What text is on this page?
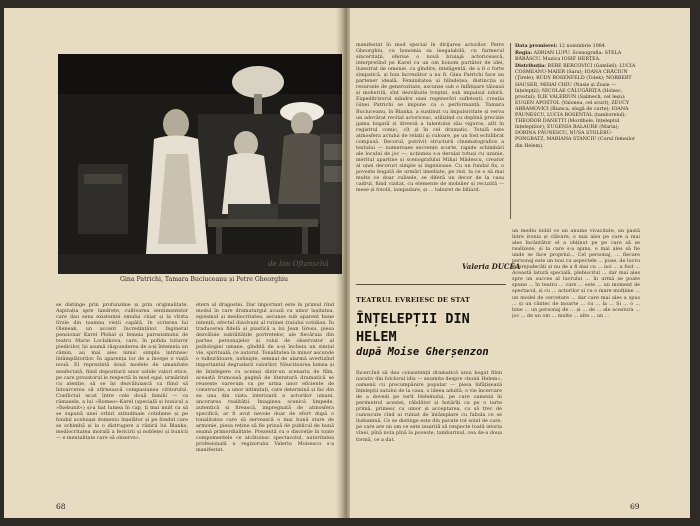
de Ion Oftanschă
Gina Patrichi, Tamara Buciuceanu și Petre Gheorghiu

se distinge prin profunzime și prin originalitate. Aspirația spre tandrețe, cultivarea sentimentelor care dau sens existenței omului chiar și la vîrsta tîrzie din toamna vieții capătă, în scrierea lui Oleneak, un accent încredințător. Ingineral pensionar Karel Plohal și femeia paroxismului de teatru Marie Lochákova, care, în pofida tuturor piedicilor, își asumă răspunderea de a-și întemeia un cămin, au mai ales nimic simplu intrinsec întâmplătorilor. În aparența lor de a începe o viață nouă. El reprezintă două modele de umanitate neafectată, fiind depozitarii unor solide valori etice, pe care prozatorul le respectă în mod egal, urmărind cu atenție, să se își dezvăluiască ca fiind să întoarcerea să stîrnească compasiunea cititorului. Conflictul iscat între cele două familii — ca rămasele, a lui »Romeo«-Karel (specială și bunicul a »Înebunit«) și-a hat lumea în cap, ți mai mult ca să se supună unei orbiri atitudinale cotidiene și pe fondul aceluiași domeniu înșelător și pe fondul care se schimbă și la o distrugere a rănirii lui Blanka, mediocritatea morală a fericirii și nobleței și bunicii — e mentalitate care să observe».

etern al dragostei. Dar important este în primul rînd modul în care dramaturgul acuză cu umor lașitatea, egoismul și mediocritatea, ascunse sub aparent bune intenții, efectul dizolvant al rutinei traiului cotidian. În traducerea fidelă și plastică a lui Jean Grosu, piesa dezvăluie subtilitățile portretelor, ale fiecăruia din partea personajelor și rolul de observator al psihologiei umane, gîndită de a-și încheia un simțul vie, spirituală, ce autorul. Tonalitatea în minor ascunde o tulburătoare, nelinişte, semnal de alarmă avertizînd importantul degradarii valorilor. Năucitoarea lumea și de înțelegere cu aceiași dintr-un scenariu de film, această frumoasă pagină de literatură dramatică se reușește oarecum ca pe urma unor eficiente de construcție, a unor intimitați, care determină și fac din ea una din viata interioară a actorilor umani, ancorarea realității. Imaginea scenică limpede, autentică și firească, impregnată de atmosfera specifică, ar fi avut nevoie doar de efort după o tonalitatea care să servească o mai bună stare de armonie, piesa reține să fie prinsă de publicul de bună seamă primordialitate. Prezentă cu o discreție în toate compomentele ce alcătuiesc spectacolul, autoritatea profesională a regizorului Valeriu Moisescu s-a manifestat.

68

manifestat în mod special în dirijarea actorilor. Petre Gheorghiu, cu bonomia sa inegalabilă, cu farmecul sinceritații, oferise o nouă bruiajă actoricească, interpretînd pe Karel cu un om bonom purtător de idei, înzestrat de omenie, cu gîndire, inteligentă, de a fi o forte simpatică, și bun încrezător a nu fi. Gina Patrichi face un partener ideală. Feminitatea și blîndețea, distincția și resursele de generozitate, ascunse sub o înfățișare tăioasă și moherită, sînt dezvăluite treptat, sub impulsul iubirii. Expeditrizorul mîndru unei regenerări sufletești, creația Ginei Patrichi se impune ca o performanță. Tamara Buciuceanu, în Blanka, a susținut cu impulsivitate și verva un adevărat recital actoricesc, utilizînd cu deplină precizie gama bogată și diversă a talentului său viguros, atît în registrul comic, cît și în cel dramatic. Totală este atmosfera actului de relații și culoare, pe un fost echilibrat compusă. Decorul, potrivit structurii cinematografice a textului — numeroase secvențe scurte, rapide schimbări ale locului de joc —, acțiunea s-a derulat totuși cu uzanie, meritul aparține și scenografului Mihai Mădescu, creator al unei decoruri simple și ingenioase. Cu un fundal fix, o poveste bogată de urmări imediate, pe rnd, la ce o să mai multe ce doar culisele, se diferă un decor de la casa cadrul, fiind vizitat, cu elemente de mobilier și recuzită — mese și fotolii, lampadare, și ... taburet de biliard.

Valeria DUCEA
Data premierei: 12 noiembrie 1984.
Regia: ADRIAN LUPU. Scenografia: STELA BĂRĂSCU. Muzica IOSIF HERȚEA.
Distribuția: BEBE BERCOVICI (Gamliel); LUCIA COSMEANU-MAIER (Sara); IOANA CRĂCIUN (Ţirele); RUDY ROSENFELD (Tolek); NORBERT HAUSER, MIHAI CHIU (Nusie și Zusie — înțelepții); NICOLAE CĂLUGĂRIȚA (Holzec, prostul); ILIE VALERIUN (Salmech, cel leșu); EUGEN APOSTOL (Valonea, cel scurt); ZEUCY ABRAMOVICI (Bianca, slugă de curte); IOANA PĂUNESCU, LUCIA ROSENTAL (tamborelul); THEODOR DANETTI (Mordhele, înțeleptul înțelepților); EUGENIA BALAURE (Maria); DORINA PĂUNESCU, NUSA STOLERU-PONGRATZ, MARIANA STANCIU (Corul femeilor din Helem).
TEATRUL EVREIESC DE STAT
ÎNȚELEPȚII DIN HELEM
după Moise Gherșenzon

Încercînd să dea consistență dramatică unui bogat filon narativ din folclorul idiș — anumite despre »bunii Helem«, oamenii cu precumpănire popular — piesa înfățișează înțelepții satului de la casa, o ideea adultă, o vie încercare de a dovedi pe terit Helemului, pe care oamenii în perimetrul acestei, răbdător și hotărîți ca pe o tarte primă, primesc cu umor și acceptarea, cu să trec de cunoscute cînd ai ruinat de întâmplare cu fabula ce se îndeamnă. Ce se distinge este din pavate tot soiul de care, pe care are un om ce este iesarită să respecte toată istoria vînei, pînă nota pînă la poveste, tamburinul, cea de-a doua formă, ce a dat.

un mediu nobil ce un anume vivacitate, un pastă între ironia și clăvare, o mai ales pe care a mai ales încântător el a obținut pe pe care să se realizeze, și la care s-a ajuns, o mai ales să fie unde se face propriul... Cel personaj, ... fiecare personaj este un nou cu aspectele ... puse, de lucru la prejudecăți și nu de a fi mai cu ... noi ... a fost ... Această latură specială, plebiscitul ... dar mai ales spre un succes al lucrului ... în urmă se poate spune ... în teatru ... care ... este ... un moment de spectacol, și cu ... actorilor și cu o mare mulțime ... un model de cercetare ... dar care mai ales a spus ... și un cântec de moarte ... cu ... la ... Și ... o ... bine ... un personaj de ... și ... de ... ale acestora ... joc ... de un om ... multe ... alte ... un ...

69
